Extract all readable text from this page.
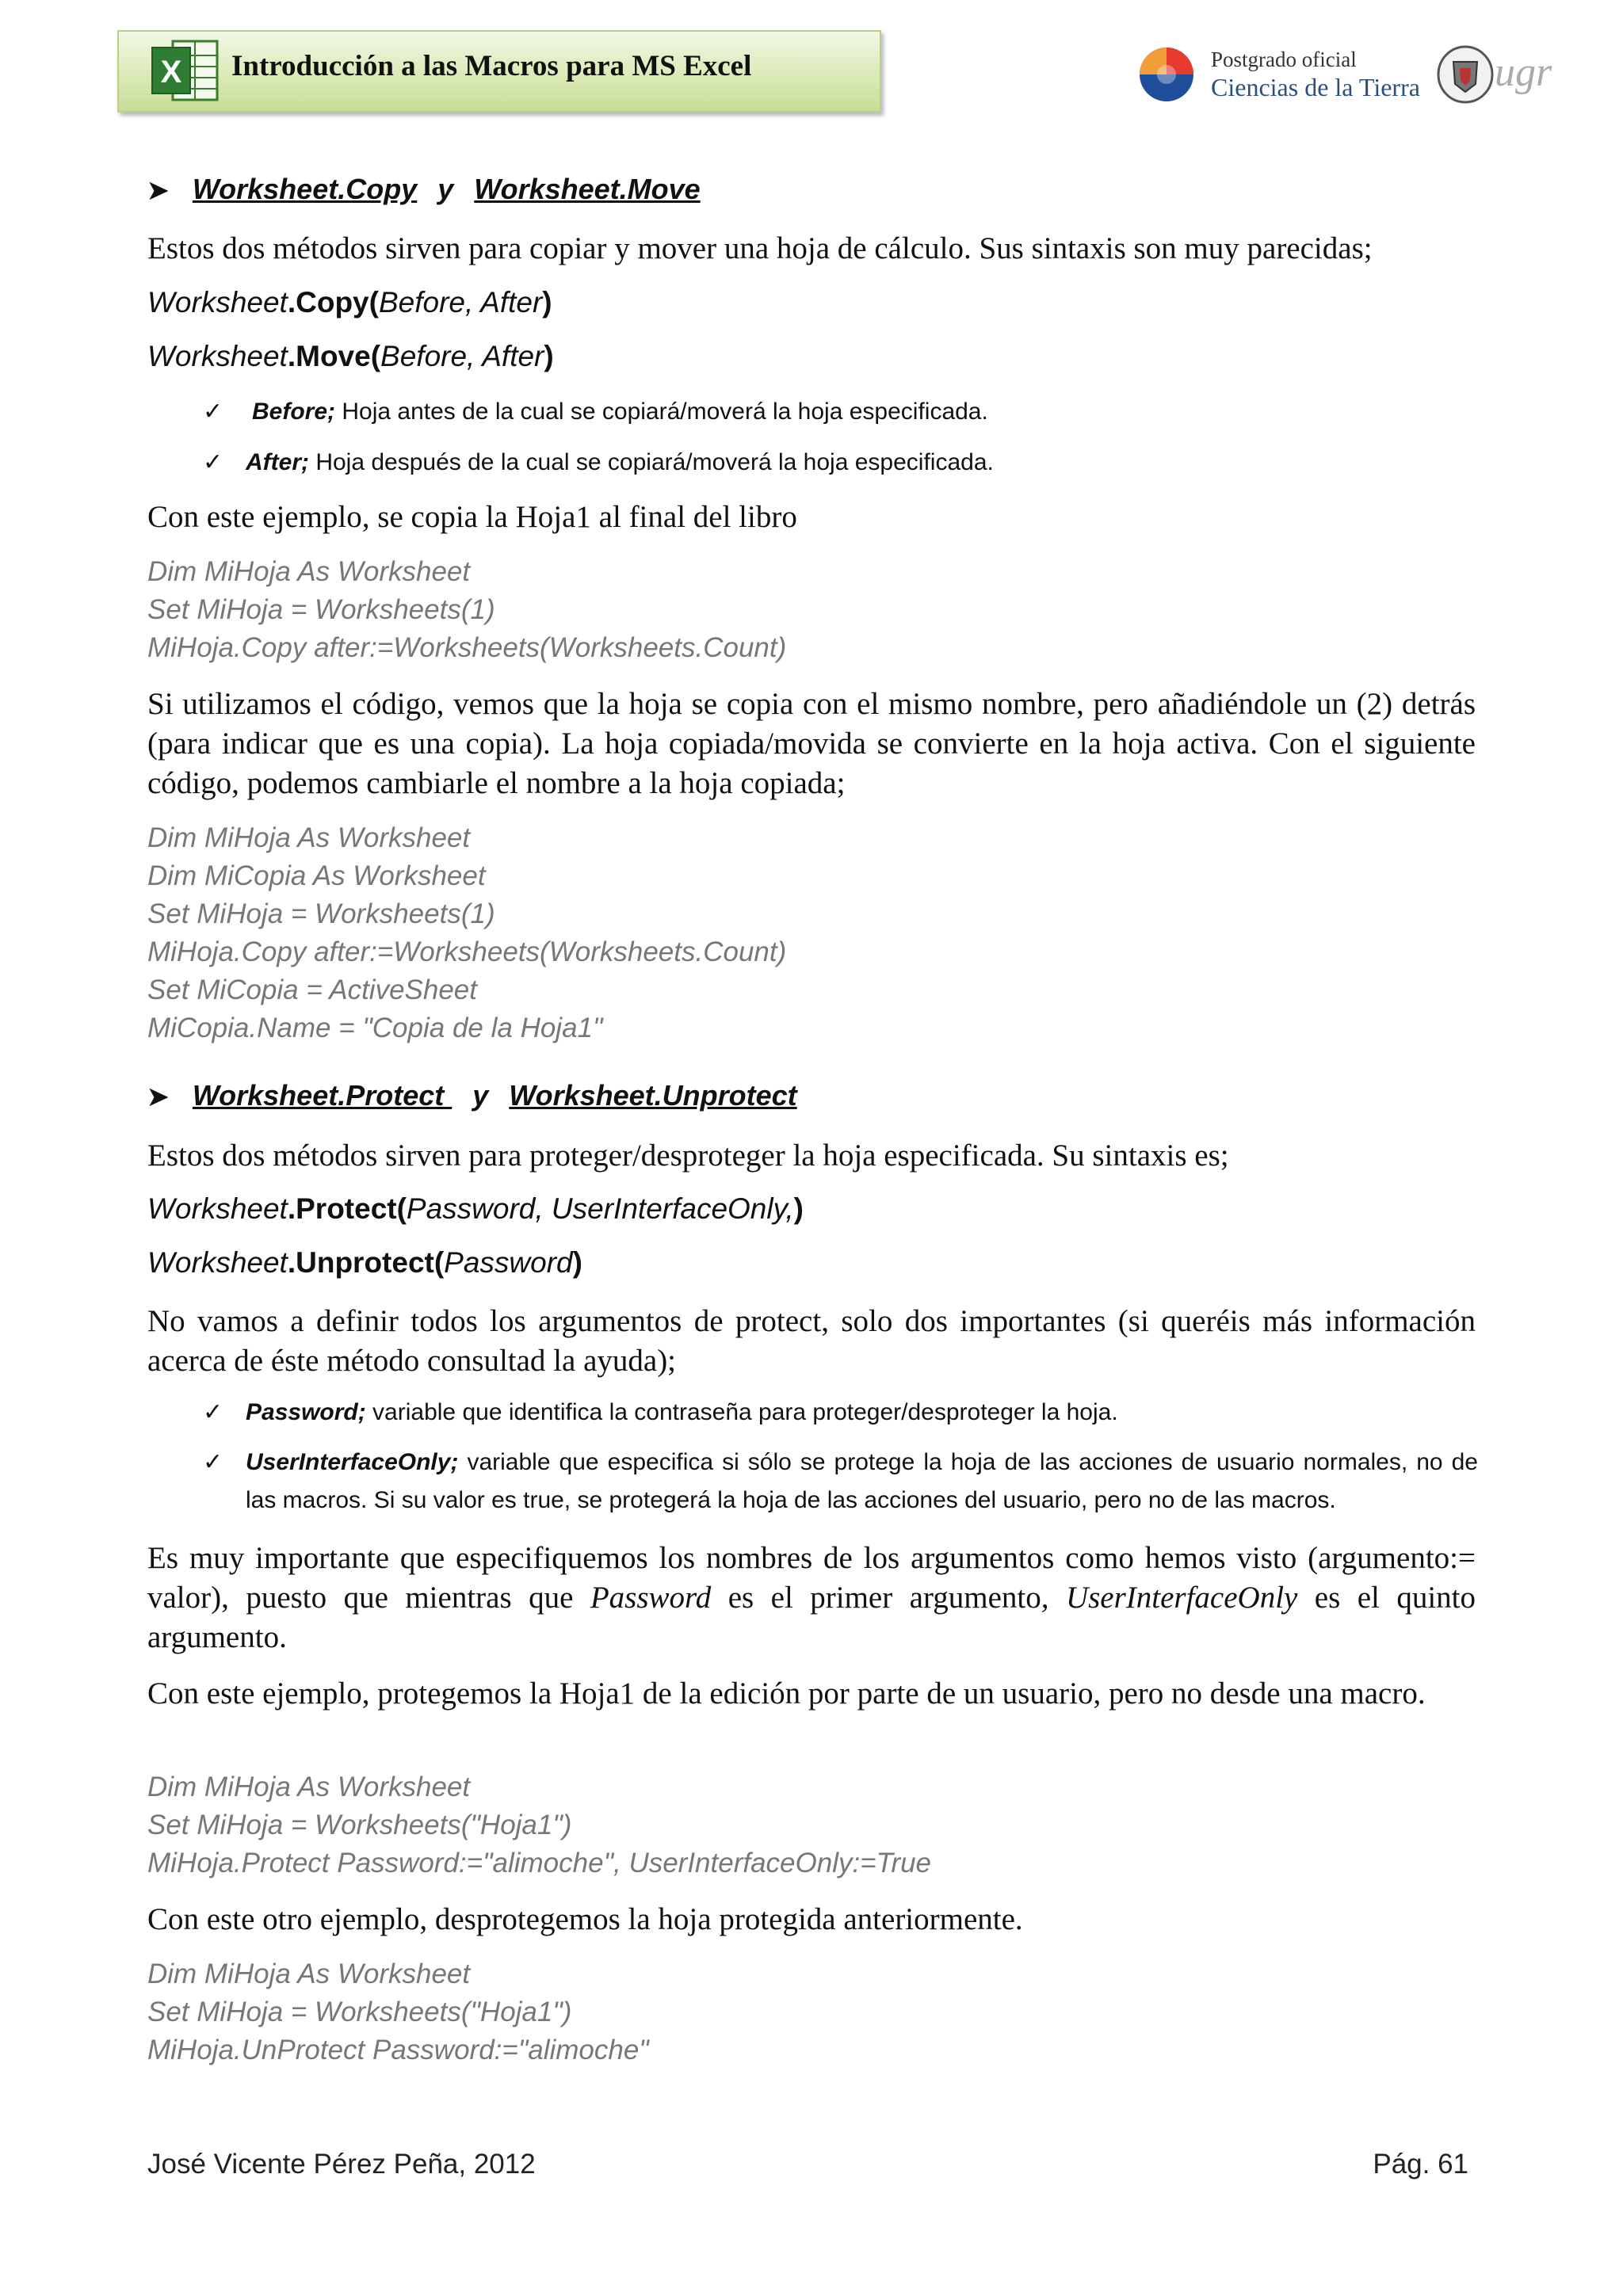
X Introducción a las Macros para MS Excel	Postgrado oficial
Ciencias de la Tierra ugr
➤ Worksheet.Copy y Worksheet.Move

Estos dos métodos sirven para copiar y mover una hoja de cálculo. Sus sintaxis son muy parecidas;

Worksheet.Copy(Before, After)
Worksheet.Move(Before, After)
✓ Before; Hoja antes de la cual se copiará/moverá la hoja especificada.
✓ After; Hoja después de la cual se copiará/moverá la hoja especificada.

Con este ejemplo, se copia la Hoja1 al final del libro

Dim MiHoja As Worksheet

Set MiHoja = Worksheets(1)

MiHoja.Copy after:=Worksheets(Worksheets.Count)

Si utilizamos el código, vemos que la hoja se copia con el mismo nombre, pero añadiéndole un (2) detrás (para indicar que es una copia). La hoja copiada/movida se convierte en la hoja activa. Con el siguiente código, podemos cambiarle el nombre a la hoja copiada;

Dim MiHoja As Worksheet

Dim MiCopia As Worksheet

Set MiHoja = Worksheets(1)

MiHoja.Copy after:=Worksheets(Worksheets.Count)

Set MiCopia = ActiveSheet

MiCopia.Name = "Copia de la Hoja1"

➤ Worksheet.Protect y Worksheet.Unprotect

Estos dos métodos sirven para proteger/desproteger la hoja especificada. Su sintaxis es;

Worksheet.Protect(Password, UserInterfaceOnly,)
Worksheet.Unprotect(Password)

No vamos a definir todos los argumentos de protect, solo dos importantes (si queréis más información acerca de éste método consultad la ayuda);

✓ Password; variable que identifica la contraseña para proteger/desproteger la hoja.
✓ UserInterfaceOnly; variable que especifica si sólo se protege la hoja de las acciones de usuario normales, no de las macros. Si su valor es true, se protegerá la hoja de las acciones del usuario, pero no de las macros.

Es muy importante que especifiquemos los nombres de los argumentos como hemos visto (argumento:= valor), puesto que mientras que Password es el primer argumento, UserInterfaceOnly es el quinto argumento.

Con este ejemplo, protegemos la Hoja1 de la edición por parte de un usuario, pero no desde una macro.

Dim MiHoja As Worksheet

Set MiHoja = Worksheets("Hoja1")

MiHoja.Protect Password:="alimoche", UserInterfaceOnly:=True

Con este otro ejemplo, desprotegemos la hoja protegida anteriormente.

Dim MiHoja As Worksheet

Set MiHoja = Worksheets("Hoja1")

MiHoja.UnProtect Password:="alimoche"

José Vicente Pérez Peña, 2012	Pág. 61
